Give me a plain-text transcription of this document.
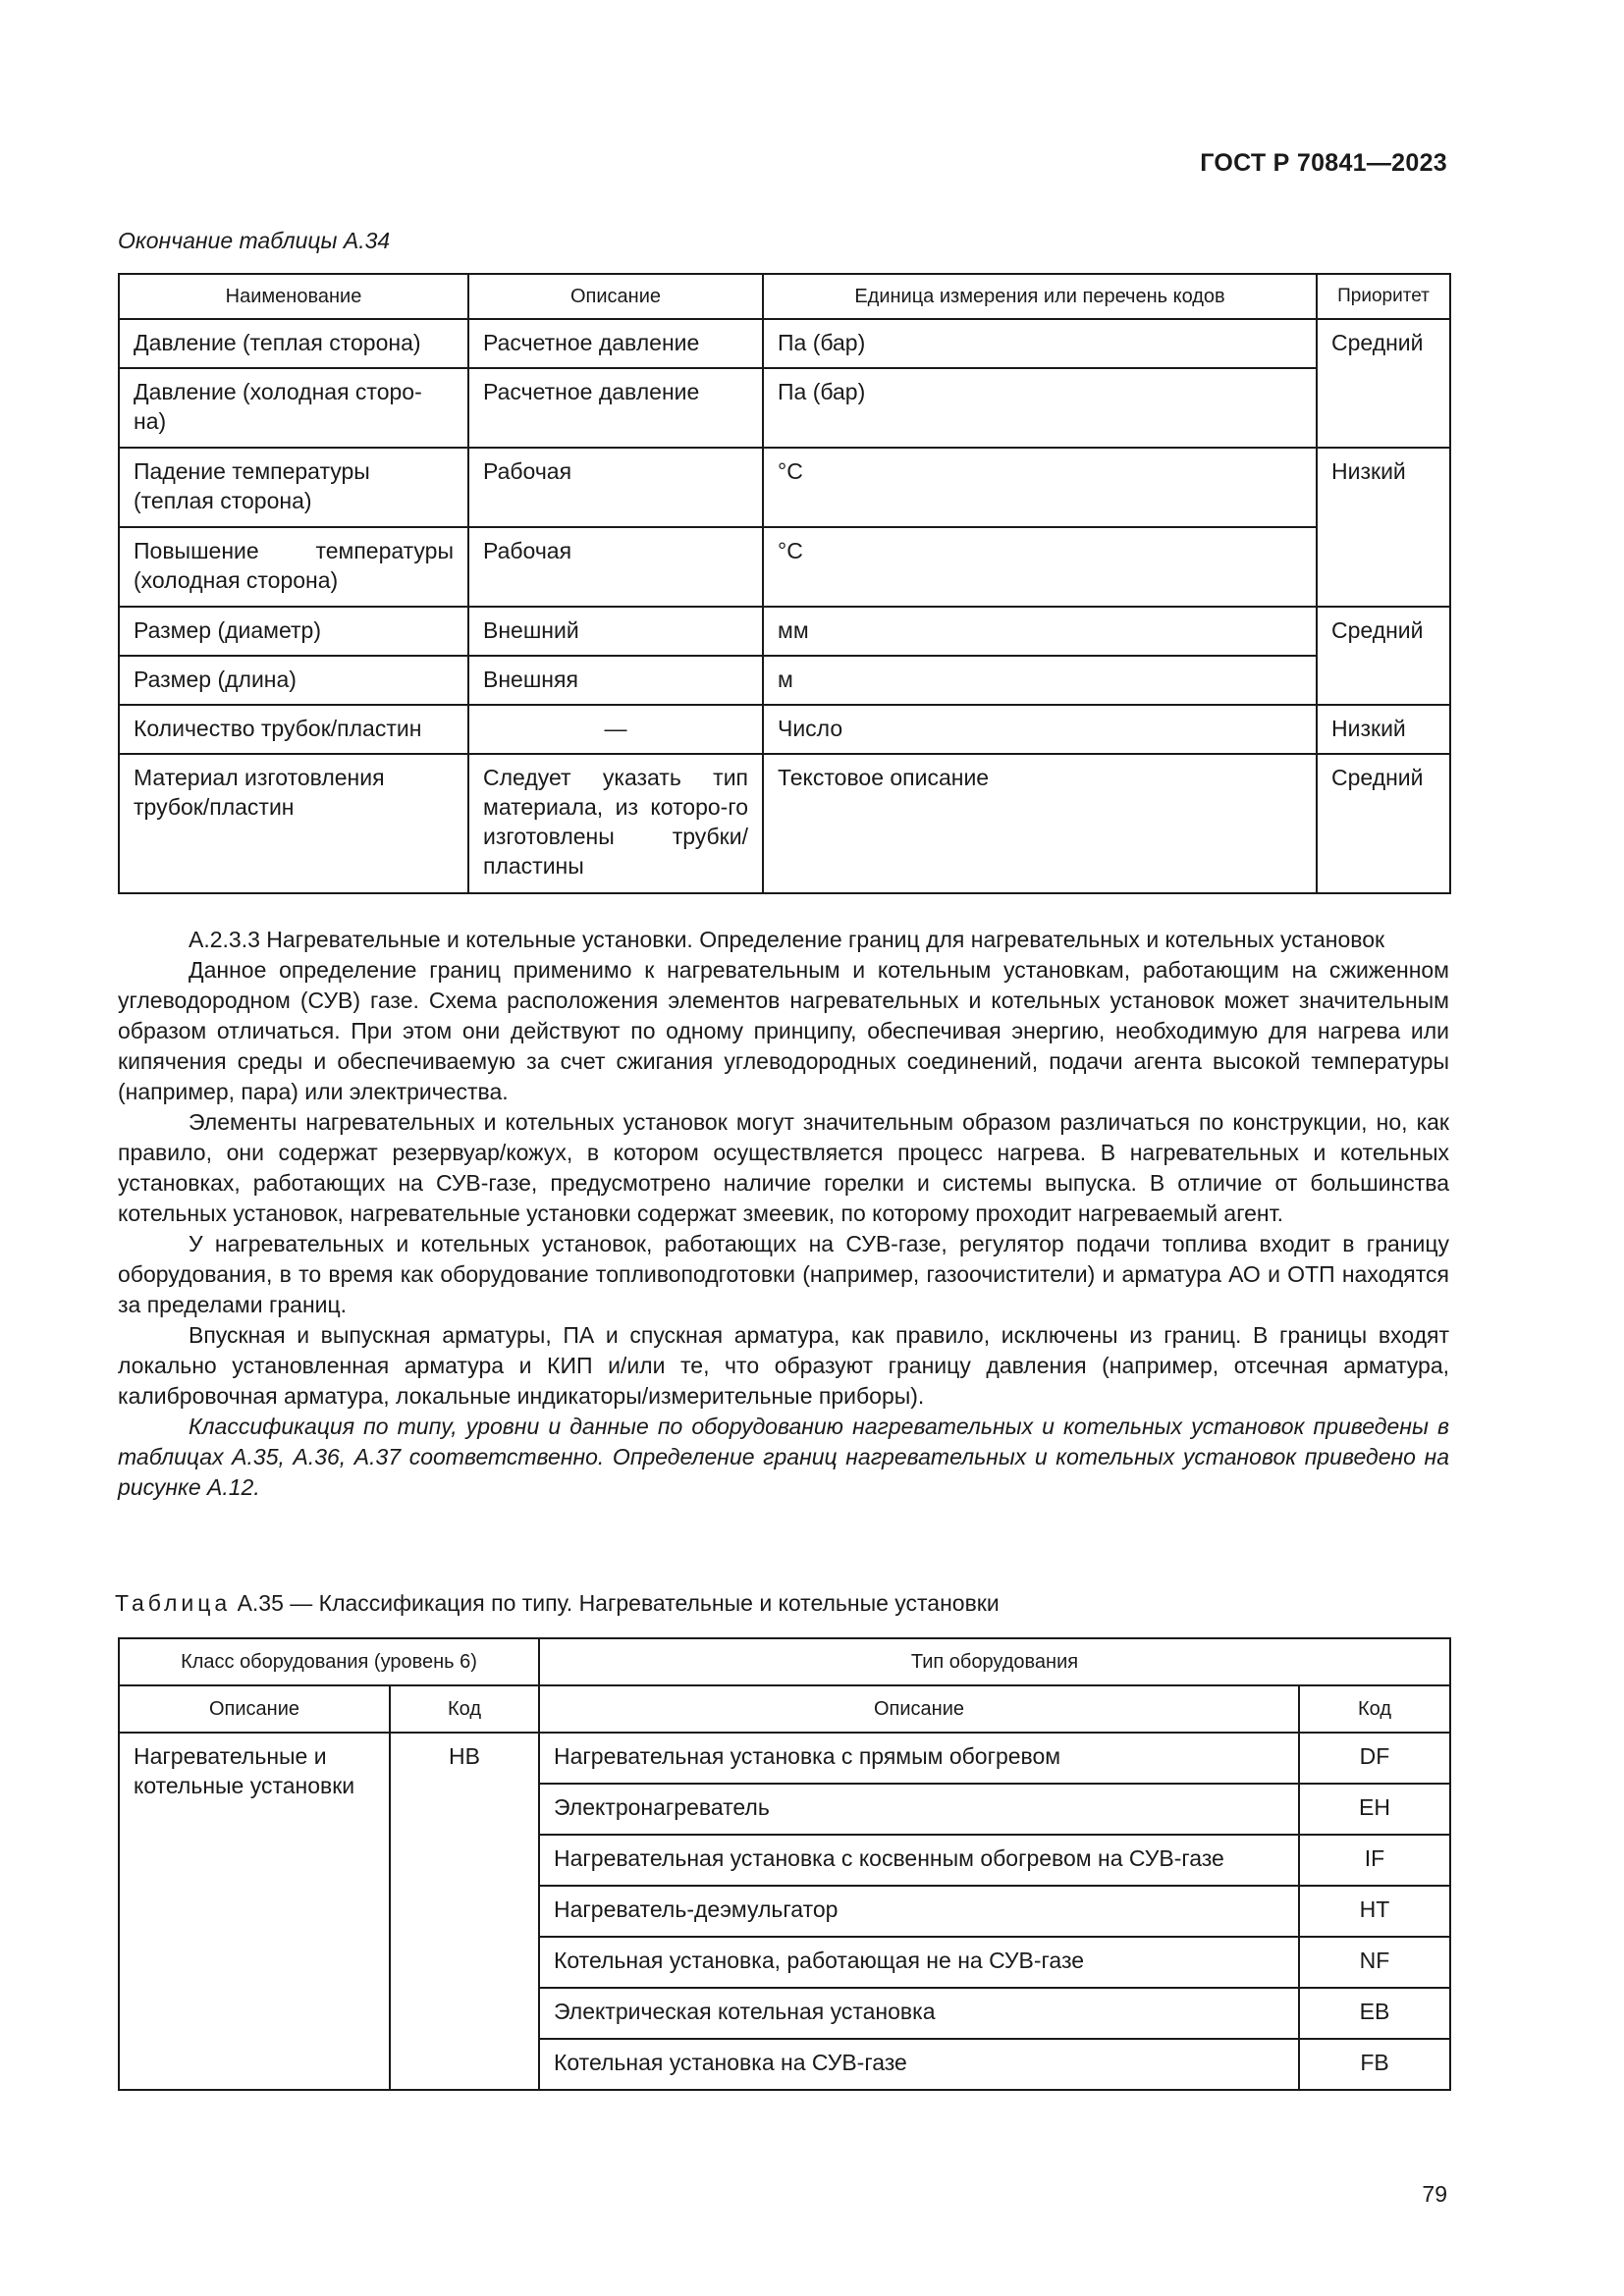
ГОСТ Р 70841—2023
Окончание таблицы А.34
Наименование	Описание	Единица измерения или перечень кодов	Приоритет
Давление (теплая сторона)	Расчетное давление	Па (бар)	Средний
Давление (холодная сторо-на)	Расчетное давление	Па (бар)	
Падение температуры (теплая сторона)	Рабочая	°C	Низкий
Повышение температуры (холодная сторона)	Рабочая	°C	
Размер (диаметр)	Внешний	мм	Средний
Размер (длина)	Внешняя	м	
Количество трубок/пластин	—	Число	Низкий
Материал изготовления трубок/пластин	Следует указать тип материала, из которо-го изготовлены трубки/пластины	Текстовое описание	Средний

А.2.3.3 Нагревательные и котельные установки. Определение границ для нагревательных и котельных установок

Данное определение границ применимо к нагревательным и котельным установкам, работающим на сжиженном углеводородном (СУВ) газе. Схема расположения элементов нагревательных и котельных установок может значительным образом отличаться. При этом они действуют по одному принципу, обеспечивая энергию, необходимую для нагрева или кипячения среды и обеспечиваемую за счет сжигания углеводородных соединений, подачи агента высокой температуры (например, пара) или электричества.

Элементы нагревательных и котельных установок могут значительным образом различаться по конструкции, но, как правило, они содержат резервуар/кожух, в котором осуществляется процесс нагрева. В нагревательных и котельных установках, работающих на СУВ-газе, предусмотрено наличие горелки и системы выпуска. В отличие от большинства котельных установок, нагревательные установки содержат змеевик, по которому проходит нагреваемый агент.

У нагревательных и котельных установок, работающих на СУВ-газе, регулятор подачи топлива входит в границу оборудования, в то время как оборудование топливоподготовки (например, газоочистители) и арматура АО и ОТП находятся за пределами границ.

Впускная и выпускная арматуры, ПА и спускная арматура, как правило, исключены из границ. В границы входят локально установленная арматура и КИП и/или те, что образуют границу давления (например, отсечная арматура, калибровочная арматура, локальные индикаторы/измерительные приборы).

Классификация по типу, уровни и данные по оборудованию нагревательных и котельных установок приведены в таблицах А.35, А.36, А.37 соответственно. Определение границ нагревательных и котельных установок приведено на рисунке А.12.

Таблица А.35 — Классификация по типу. Нагревательные и котельные установки
Класс оборудования (уровень 6)		Тип оборудования	
Описание	Код	Описание	Код
Нагревательные и котельные установки	HB	Нагревательная установка с прямым обогревом	DF
		Электронагреватель	EH
		Нагревательная установка с косвенным обогревом на СУВ-газе	IF
		Нагреватель-деэмульгатор	HT
		Котельная установка, работающая не на СУВ-газе	NF
		Электрическая котельная установка	EB
		Котельная установка на СУВ-газе	FB
79
